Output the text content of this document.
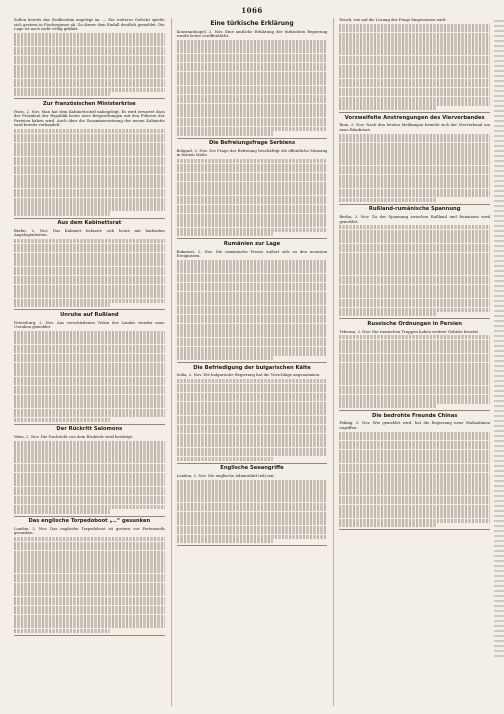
1066

Sollen bereits das Zivilkostüm angelegt an. — Ein weiteres Gefecht spielte sich gestern in Fischergasse ab. Zu dieser dem Einfall deutlich gemeldet. Die Lage ist noch nicht völlig geklärt.

Zur französischen Ministerkrise

Paris, 2. Nov. Man hat dem Kabinettschef nahegelegt. Es wird erwartet dass der Präsident der Republik heute neue Besprechungen mit den Führern der Parteien haben wird. Auch über die Zusammensetzung des neuen Kabinetts wird bereits verhandelt.

Aus dem Kabinettsrat

Berlin, 2. Nov. Das Kabinett befasste sich heute mit laufenden Angelegenheiten.

Unruhe auf Rußland

Petersburg, 2. Nov. Aus verschiedenen Teilen des Landes werden neue Unruhen gemeldet.

Der Rückritt Salomons

Wien, 2. Nov. Die Nachricht von dem Rücktritt wird bestätigt.

Das englische Torpedoboot „..“ gesunken

London, 2. Nov. Das englische Torpedoboot ist gestern vor Portsmouth gesunken.

Eine türkische Erklärung

Konstantinopel, 2. Nov. Eine amtliche Erklärung der türkischen Regierung wurde heute veröffentlicht.

Die Befreiungsfrage Serbiens

Belgrad, 2. Nov. Die Frage der Befreiung beschäftigt die öffentliche Meinung in hohem Maße.

Rumänien zur Lage

Bukarest, 2. Nov. Die rumänische Presse äußert sich zu den neuesten Ereignissen.

Die Befriedigung der bulgarischen Kälte

Sofia, 2. Nov. Die bulgarische Regierung hat die Vorschläge angenommen.

Englische Seeangriffe

London, 2. Nov. Die englische Admiralität teilt mit.

Druck, wie auf die Lösung der Frage hingewiesen wird.

Vorzweifelte Anstrengungen des Vierverbandes

Rom, 2. Nov. Nach den letzten Meldungen bemüht sich der Vierverband um neue Bündnisse.

Rußland-rumänische Spannung

Berlin, 2. Nov. Zu der Spannung zwischen Rußland und Rumänien wird gemeldet.

Russische Ordnungen in Persien

Teheran, 2. Nov. Die russischen Truppen haben weitere Gebiete besetzt.

Die bedrohte Freunde Chinas

Peking, 2. Nov. Wie gemeldet wird, hat die Regierung neue Maßnahmen ergriffen.
